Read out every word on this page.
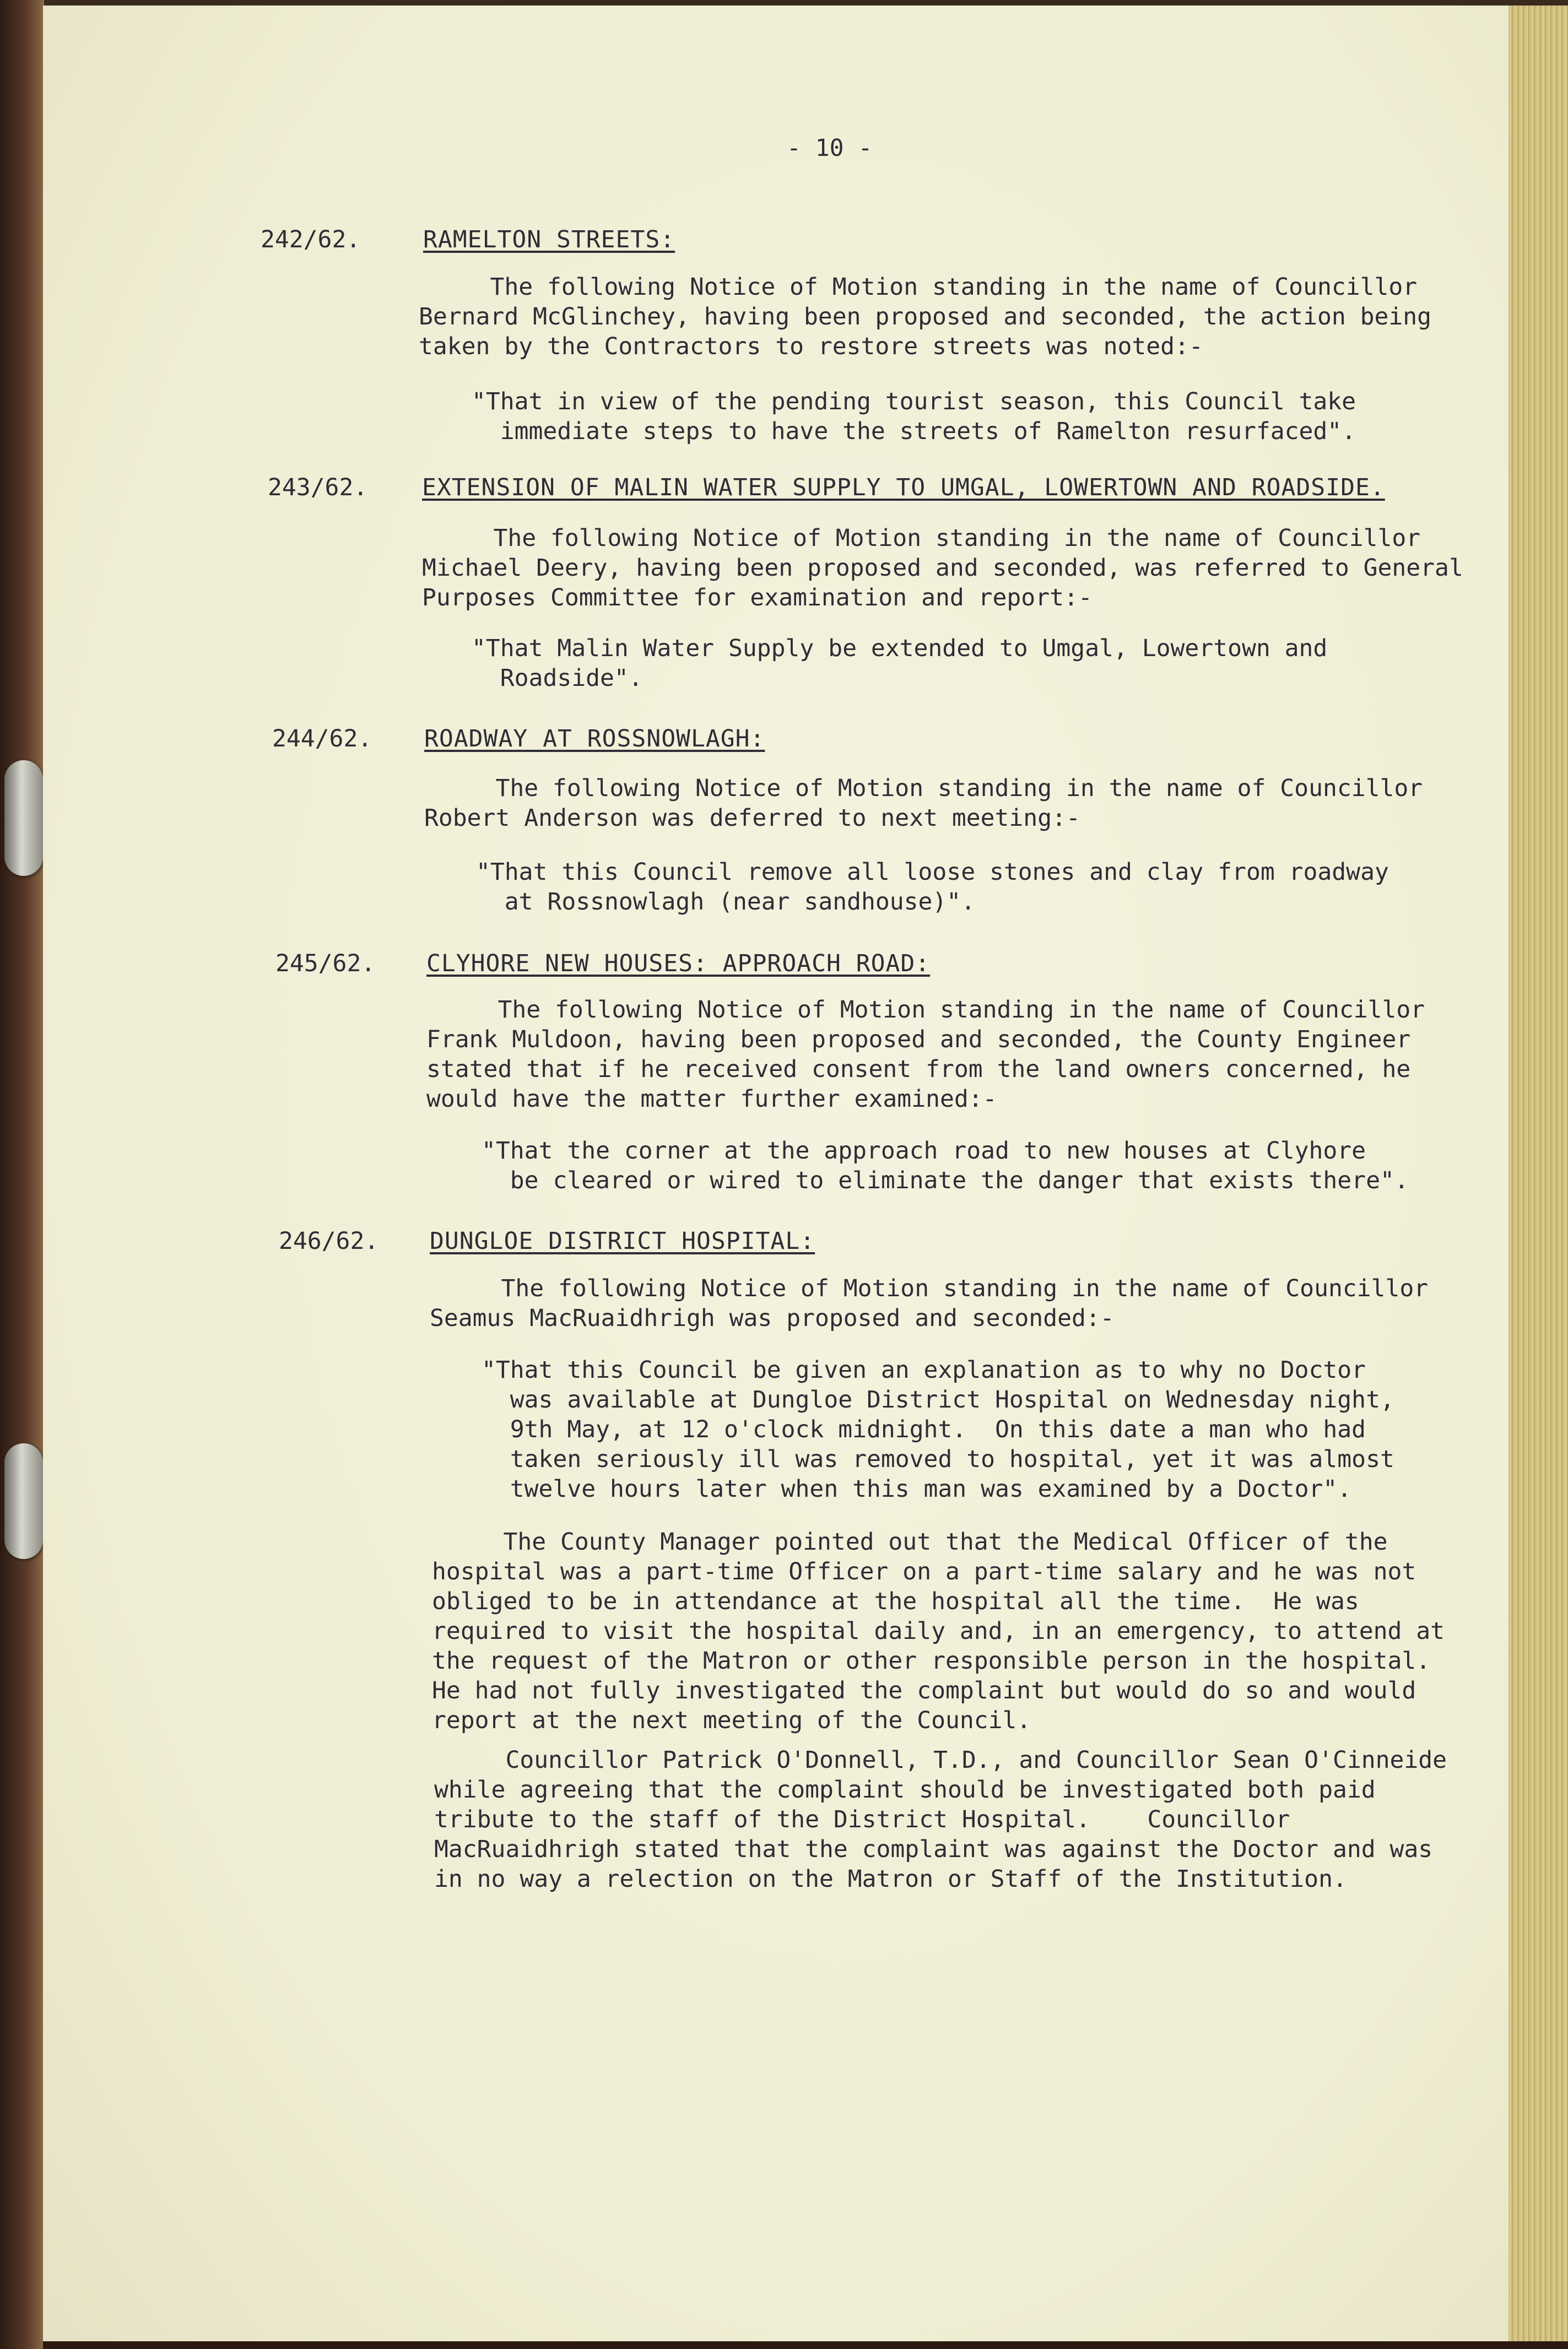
- 10 -
242/62.	RAMELTON STREETS:
The following Notice of Motion standing in the name of Councillor
Bernard McGlinchey, having been proposed and seconded, the action being
taken by the Contractors to restore streets was noted:-
"That in view of the pending tourist season, this Council take
immediate steps to have the streets of Ramelton resurfaced".
243/62. EXTENSION OF MALIN WATER SUPPLY TO UMGAL, LOWERTOWN AND ROADSIDE.
The following Notice of Motion standing in the name of Councillor
Michael Deery, having been proposed and seconded, was referred to General
Purposes Committee for examination and report:-
"That Malin Water Supply be extended to Umgal, Lowertown and
Roadside".
244/62. ROADWAY AT ROSSNOWLAGH:
The following Notice of Motion standing in the name of Councillor
Robert Anderson was deferred to next meeting:-
"That this Council remove all loose stones and clay from roadway
at Rossnowlagh (near sandhouse)".
245/62. CLYHORE NEW HOUSES: APPROACH ROAD:
The following Notice of Motion standing in the name of Councillor
Frank Muldoon, having been proposed and seconded, the County Engineer
stated that if he received consent from the land owners concerned, he
would have the matter further examined:-
"That the corner at the approach road to new houses at Clyhore
be cleared or wired to eliminate the danger that exists there".
246/62. DUNGLOE DISTRICT HOSPITAL:
The following Notice of Motion standing in the name of Councillor
Seamus MacRuaidhrigh was proposed and seconded:-
"That this Council be given an explanation as to why no Doctor
was available at Dungloe District Hospital on Wednesday night,
9th May, at 12 o'clock midnight.  On this date a man who had
taken seriously ill was removed to hospital, yet it was almost
twelve hours later when this man was examined by a Doctor".
The County Manager pointed out that the Medical Officer of the
hospital was a part-time Officer on a part-time salary and he was not
obliged to be in attendance at the hospital all the time.  He was
required to visit the hospital daily and, in an emergency, to attend at
the request of the Matron or other responsible person in the hospital.
He had not fully investigated the complaint but would do so and would
report at the next meeting of the Council.
Councillor Patrick O'Donnell, T.D., and Councillor Sean O'Cinneide
while agreeing that the complaint should be investigated both paid
tribute to the staff of the District Hospital.    Councillor
MacRuaidhrigh stated that the complaint was against the Doctor and was
in no way a relection on the Matron or Staff of the Institution.
